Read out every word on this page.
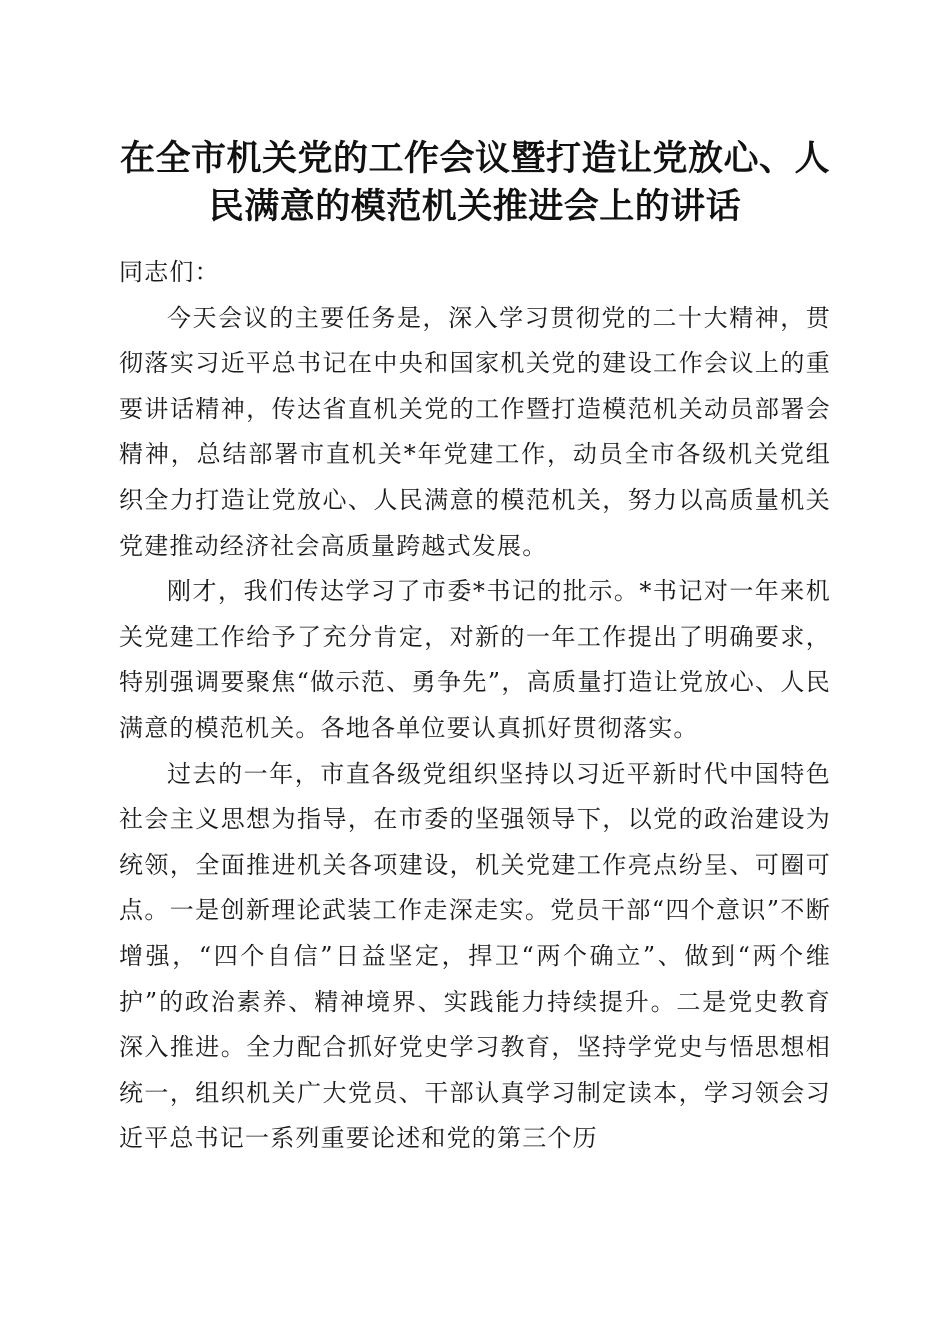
在全市机关党的工作会议暨打造让党放心、人民满意的模范机关推进会上的讲话

同志们：

今天会议的主要任务是，深入学习贯彻党的二十大精神，贯彻落实习近平总书记在中央和国家机关党的建设工作会议上的重要讲话精神，传达省直机关党的工作暨打造模范机关动员部署会精神，总结部署市直机关*年党建工作，动员全市各级机关党组织全力打造让党放心、人民满意的模范机关，努力以高质量机关党建推动经济社会高质量跨越式发展。

刚才，我们传达学习了市委*书记的批示。*书记对一年来机关党建工作给予了充分肯定，对新的一年工作提出了明确要求，特别强调要聚焦“做示范、勇争先”，高质量打造让党放心、人民满意的模范机关。各地各单位要认真抓好贯彻落实。

过去的一年，市直各级党组织坚持以习近平新时代中国特色社会主义思想为指导，在市委的坚强领导下，以党的政治建设为统领，全面推进机关各项建设，机关党建工作亮点纷呈、可圈可点。一是创新理论武装工作走深走实。党员干部“四个意识”不断增强，“四个自信”日益坚定，捍卫“两个确立”、做到“两个维护”的政治素养、精神境界、实践能力持续提升。二是党史教育深入推进。全力配合抓好党史学习教育，坚持学党史与悟思想相统一，组织机关广大党员、干部认真学习制定读本，学习领会习近平总书记一系列重要论述和党的第三个历
